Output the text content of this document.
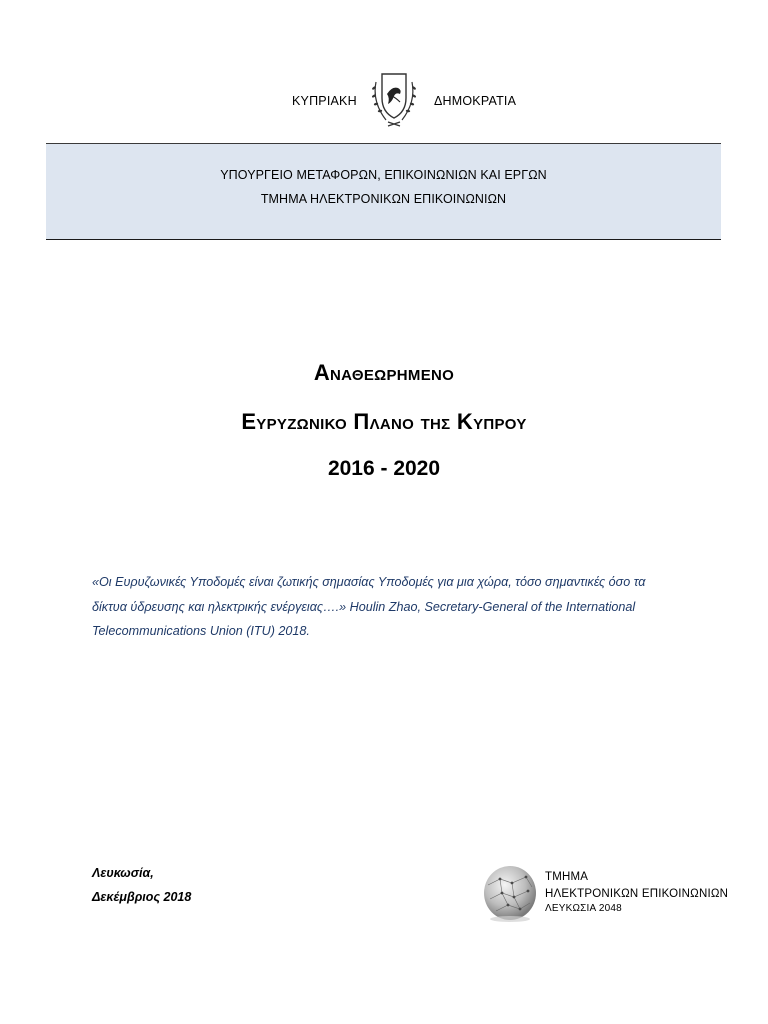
ΚΥΠΡΙΑΚΗ	ΔΗΜΟΚΡΑΤΙΑ
ΥΠΟΥΡΓΕΙΟ ΜΕΤΑΦΟΡΩΝ, ΕΠΙΚΟΙΝΩΝΙΩΝ ΚΑΙ ΕΡΓΩΝ
ΤΜΗΜΑ ΗΛΕΚΤΡΟΝΙΚΩΝ ΕΠΙΚΟΙΝΩΝΙΩΝ
Αναθεωρημενο
Ευρυζωνικο Πλανο της Κυπρου
2016 - 2020
«Οι Ευρυζωνικές Υποδομές είναι ζωτικής σημασίας Υποδομές για μια χώρα, τόσο σημαντικές όσο τα δίκτυα ύδρευσης και ηλεκτρικής ενέργειας….» Houlin Zhao, Secretary-General of the International Telecommunications Union (ITU) 2018.
Λευκωσία,
Δεκέμβριος 2018
ΤΜΗΜΑ
ΗΛΕΚΤΡΟΝΙΚΩΝ ΕΠΙΚΟΙΝΩΝΙΩΝ
ΛΕΥΚΩΣΙΑ 2048
